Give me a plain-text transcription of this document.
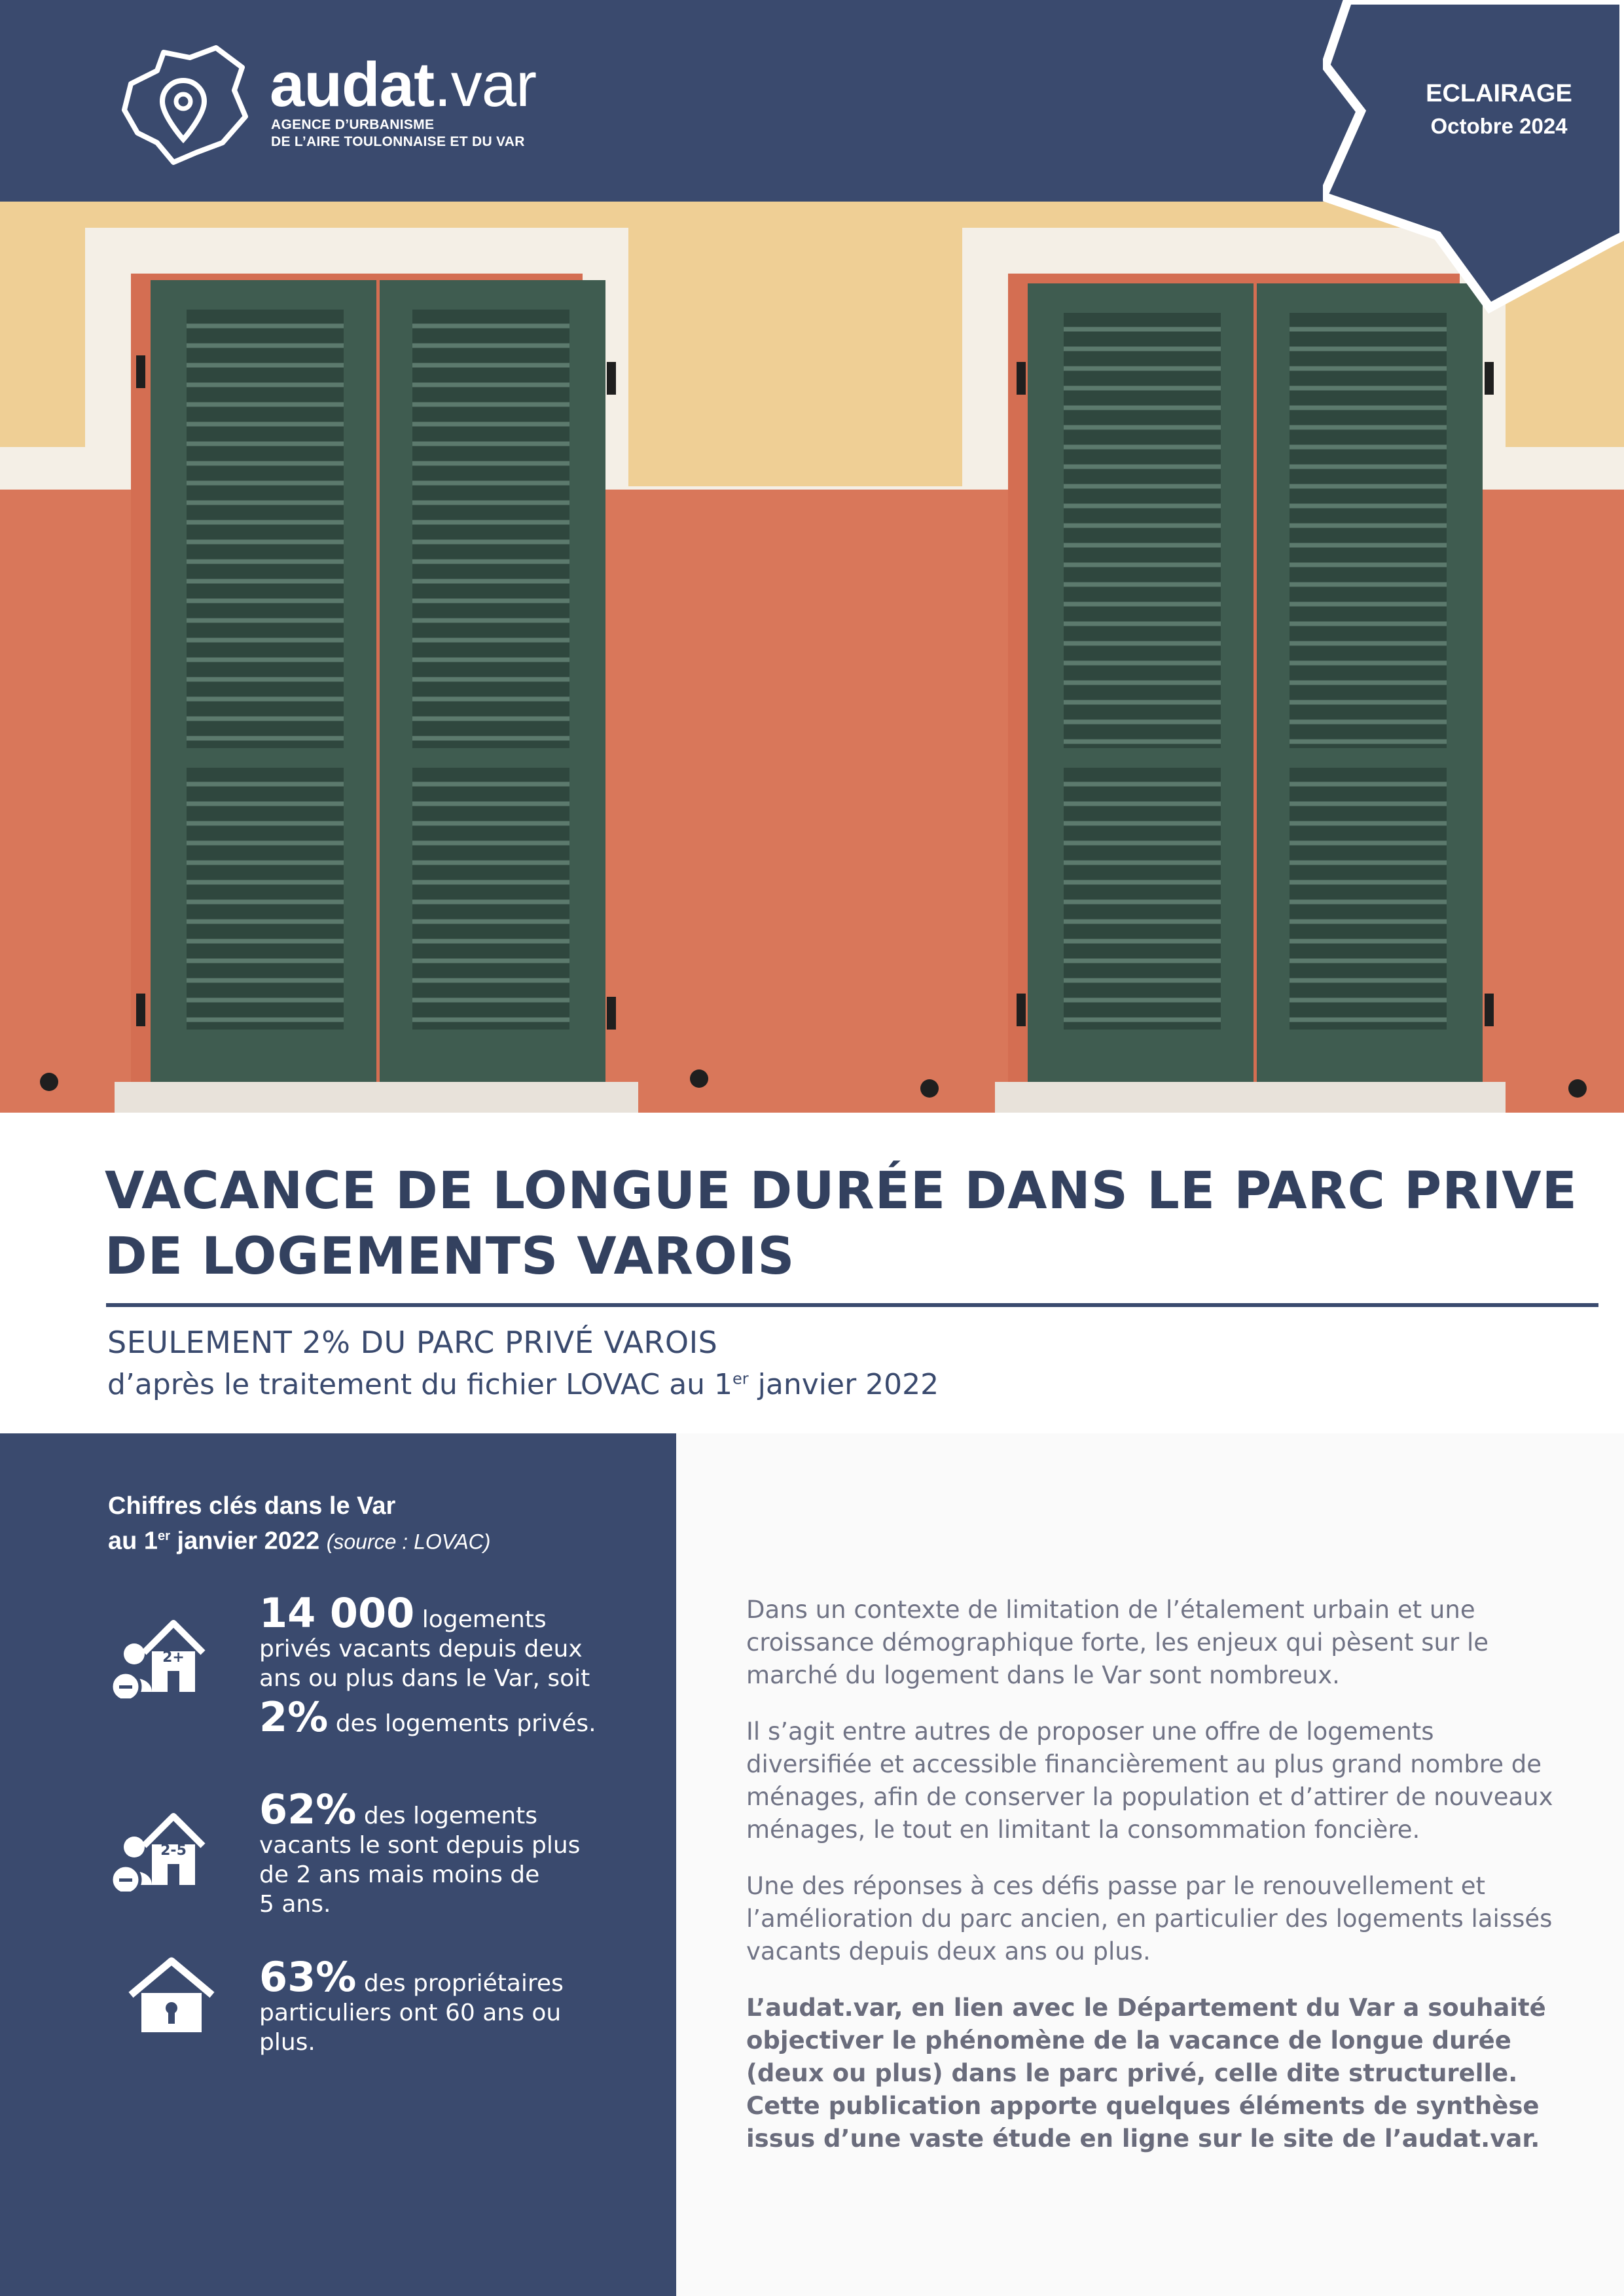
audat.var
AGENCE D’URBANISME
DE L’AIRE TOULONNAISE ET DU VAR
ECLAIRAGE
Octobre 2024
VACANCE DE LONGUE DURÉE DANS LE PARC PRIVE
DE LOGEMENTS VAROIS
SEULEMENT 2% DU PARC PRIVÉ VAROIS
d’après le traitement du fichier LOVAC au 1er janvier 2022
Chiffres clés dans le Var
au 1er janvier 2022 (source : LOVAC)
2+
14 000 logements
privés vacants depuis deux
ans ou plus dans le Var, soit
2% des logements privés.
2-5
62% des logements
vacants le sont depuis plus
de 2 ans mais moins de
5 ans.
63% des propriétaires
particuliers ont 60 ans ou
plus.

Dans un contexte de limitation de l’étalement urbain et une croissance démographique forte, les enjeux qui pèsent sur le marché du logement dans le Var sont nombreux.

Il s’agit entre autres de proposer une offre de logements diversifiée et accessible financièrement au plus grand nombre de ménages, afin de conserver la population et d’attirer de nouveaux ménages, le tout en limitant la consommation foncière.

Une des réponses à ces défis passe par le renouvellement et l’amélioration du parc ancien, en particulier des logements laissés vacants depuis deux ans ou plus.

L’audat.var, en lien avec le Département du Var a souhaité objectiver le phénomène de la vacance de longue durée (deux ou plus) dans le parc privé, celle dite structurelle. Cette publication apporte quelques éléments de synthèse issus d’une vaste étude en ligne sur le site de l’audat.var.
